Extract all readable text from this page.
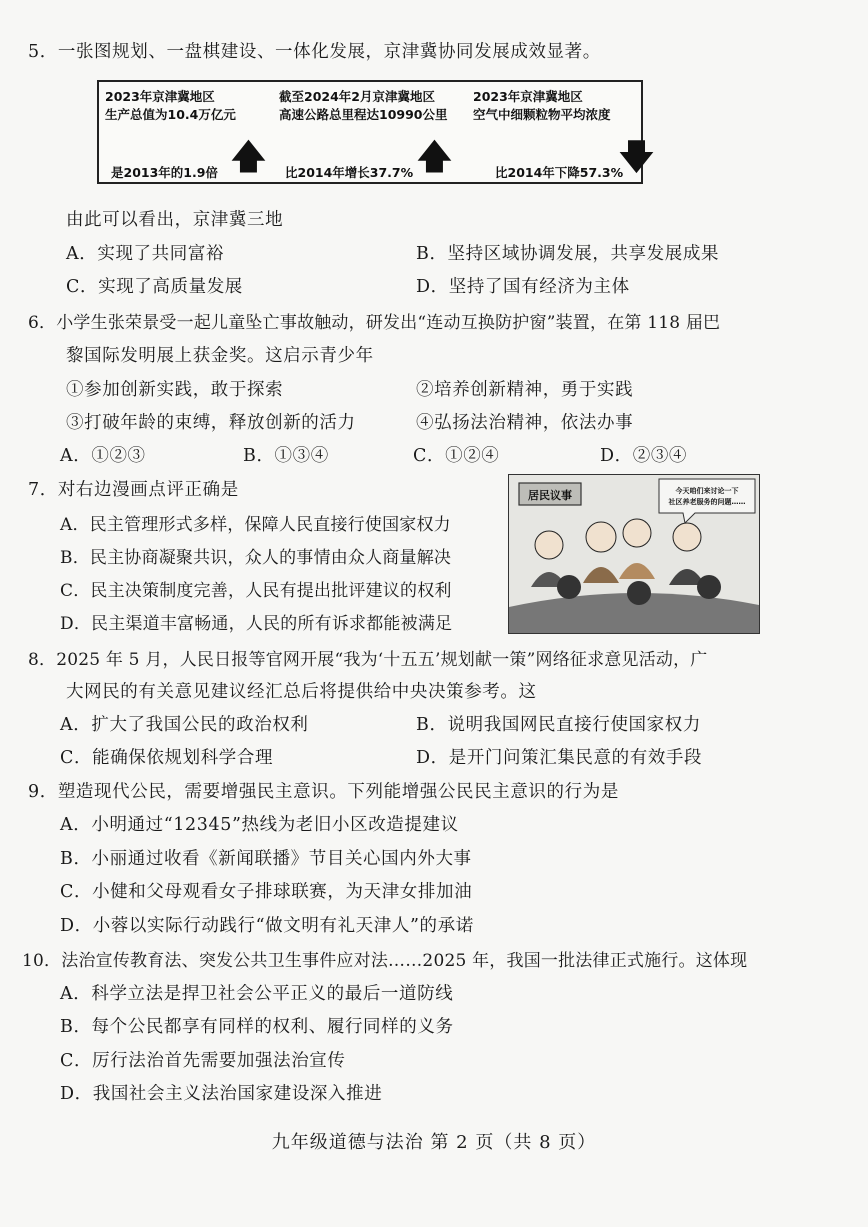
5．一张图规划、一盘棋建设、一体化发展，京津冀协同发展成效显著。
2023年京津冀地区
生产总值为10.4万亿元
是2013年的1.9倍 🡅
截至2024年2月京津冀地区
高速公路总里程达10990公里
比2014年增长37.7% 🡅
2023年京津冀地区
空气中细颗粒物平均浓度
比2014年下降57.3%
🡇
由此可以看出，京津冀三地
A．实现了共同富裕	B．坚持区域协调发展，共享发展成果
C．实现了高质量发展	D．坚持了国有经济为主体
6．小学生张荣景受一起儿童坠亡事故触动，研发出“连动互换防护窗”装置，在第 118 届巴
黎国际发明展上获金奖。这启示青少年
①参加创新实践，敢于探索	②培养创新精神，勇于实践
③打破年龄的束缚，释放创新的活力	④弘扬法治精神，依法办事
A．①②③	B．①③④	C．①②④	D．②③④
7．对右边漫画点评正确是
A．民主管理形式多样，保障人民直接行使国家权力
B．民主协商凝聚共识，众人的事情由众人商量解决
C．民主决策制度完善，人民有提出批评建议的权利
D．民主渠道丰富畅通，人民的所有诉求都能被满足
居民议事	今天咱们来讨论一下
社区养老服务的问题……
8．2025 年 5 月，人民日报等官网开展“我为‘十五五’规划献一策”网络征求意见活动，广
大网民的有关意见建议经汇总后将提供给中央决策参考。这
A．扩大了我国公民的政治权利	B．说明我国网民直接行使国家权力
C．能确保依规划科学合理	D．是开门问策汇集民意的有效手段
9．塑造现代公民，需要增强民主意识。下列能增强公民民主意识的行为是
A．小明通过“12345”热线为老旧小区改造提建议
B．小丽通过收看《新闻联播》节目关心国内外大事
C．小健和父母观看女子排球联赛，为天津女排加油
D．小蓉以实际行动践行“做文明有礼天津人”的承诺
10．法治宣传教育法、突发公共卫生事件应对法……2025 年，我国一批法律正式施行。这体现
A．科学立法是捍卫社会公平正义的最后一道防线
B．每个公民都享有同样的权利、履行同样的义务
C．厉行法治首先需要加强法治宣传
D．我国社会主义法治国家建设深入推进
九年级道德与法治 第 2 页（共 8 页）
